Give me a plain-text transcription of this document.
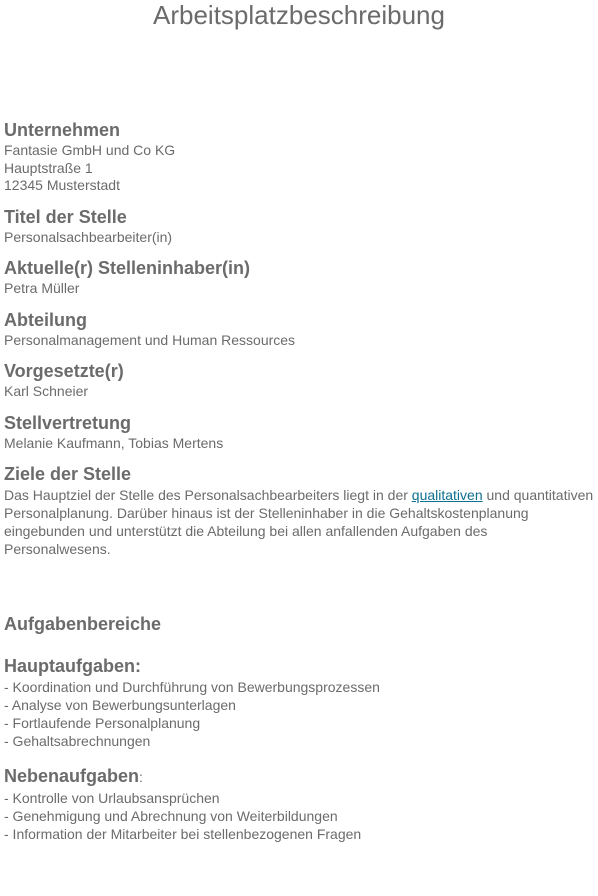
Arbeitsplatzbeschreibung

Unternehmen

Fantasie GmbH und Co KG

Hauptstraße 1

12345 Musterstadt

Titel der Stelle

Personalsachbearbeiter(in)

Aktuelle(r) Stelleninhaber(in)

Petra Müller

Abteilung

Personalmanagement und Human Ressources

Vorgesetzte(r)

Karl Schneier

Stellvertretung

Melanie Kaufmann, Tobias Mertens

Ziele der Stelle

Das Hauptziel der Stelle des Personalsachbearbeiters liegt in der qualitativen und quantitativen Personalplanung. Darüber hinaus ist der Stelleninhaber in die Gehaltskostenplanung eingebunden und unterstützt die Abteilung bei allen anfallenden Aufgaben des Personalwesens.

Aufgabenbereiche

Hauptaufgaben:

- Koordination und Durchführung von Bewerbungsprozessen

- Analyse von Bewerbungsunterlagen

- Fortlaufende Personalplanung

- Gehaltsabrechnungen

Nebenaufgaben:

- Kontrolle von Urlaubsansprüchen

- Genehmigung und Abrechnung von Weiterbildungen

- Information der Mitarbeiter bei stellenbezogenen Fragen
